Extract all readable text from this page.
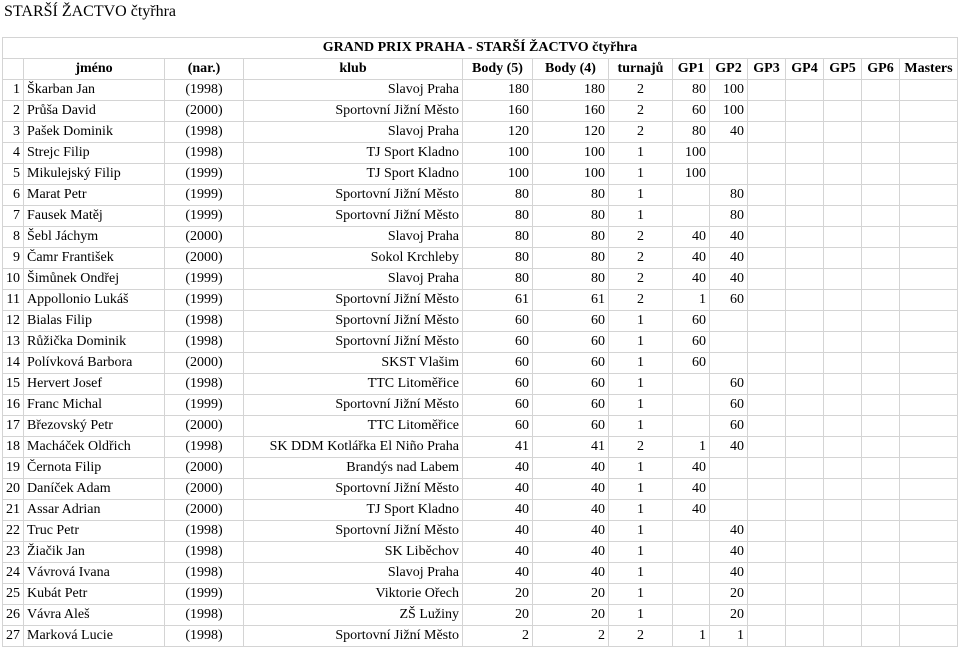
STARŠÍ ŽACTVO čtyřhra
GRAND PRIX PRAHA - STARŠÍ ŽACTVO čtyřhra													
	jméno	(nar.)	klub	Body (5)	Body (4)	turnajů	GP1	GP2	GP3	GP4	GP5	GP6	Masters
1	Škarban Jan	(1998)	Slavoj Praha	180	180	2	80	100					
2	Průša David	(2000)	Sportovní Jižní Město	160	160	2	60	100					
3	Pašek Dominik	(1998)	Slavoj Praha	120	120	2	80	40					
4	Strejc Filip	(1998)	TJ Sport Kladno	100	100	1	100						
5	Mikulejský Filip	(1999)	TJ Sport Kladno	100	100	1	100						
6	Marat Petr	(1999)	Sportovní Jižní Město	80	80	1		80					
7	Fausek Matěj	(1999)	Sportovní Jižní Město	80	80	1		80					
8	Šebl Jáchym	(2000)	Slavoj Praha	80	80	2	40	40					
9	Čamr František	(2000)	Sokol Krchleby	80	80	2	40	40					
10	Šimůnek Ondřej	(1999)	Slavoj Praha	80	80	2	40	40					
11	Appollonio Lukáš	(1999)	Sportovní Jižní Město	61	61	2	1	60					
12	Bialas Filip	(1998)	Sportovní Jižní Město	60	60	1	60						
13	Růžička Dominik	(1998)	Sportovní Jižní Město	60	60	1	60						
14	Polívková Barbora	(2000)	SKST Vlašim	60	60	1	60						
15	Hervert Josef	(1998)	TTC Litoměřice	60	60	1		60					
16	Franc Michal	(1999)	Sportovní Jižní Město	60	60	1		60					
17	Březovský Petr	(2000)	TTC Litoměřice	60	60	1		60					
18	Macháček Oldřich	(1998)	SK DDM Kotlářka El Niño Praha	41	41	2	1	40					
19	Černota Filip	(2000)	Brandýs nad Labem	40	40	1	40						
20	Daníček Adam	(2000)	Sportovní Jižní Město	40	40	1	40						
21	Assar Adrian	(2000)	TJ Sport Kladno	40	40	1	40						
22	Truc Petr	(1998)	Sportovní Jižní Město	40	40	1		40					
23	Žiačik Jan	(1998)	SK Liběchov	40	40	1		40					
24	Vávrová Ivana	(1998)	Slavoj Praha	40	40	1		40					
25	Kubát Petr	(1999)	Viktorie Ořech	20	20	1		20					
26	Vávra Aleš	(1998)	ZŠ Lužiny	20	20	1		20					
27	Marková Lucie	(1998)	Sportovní Jižní Město	2	2	2	1	1					
